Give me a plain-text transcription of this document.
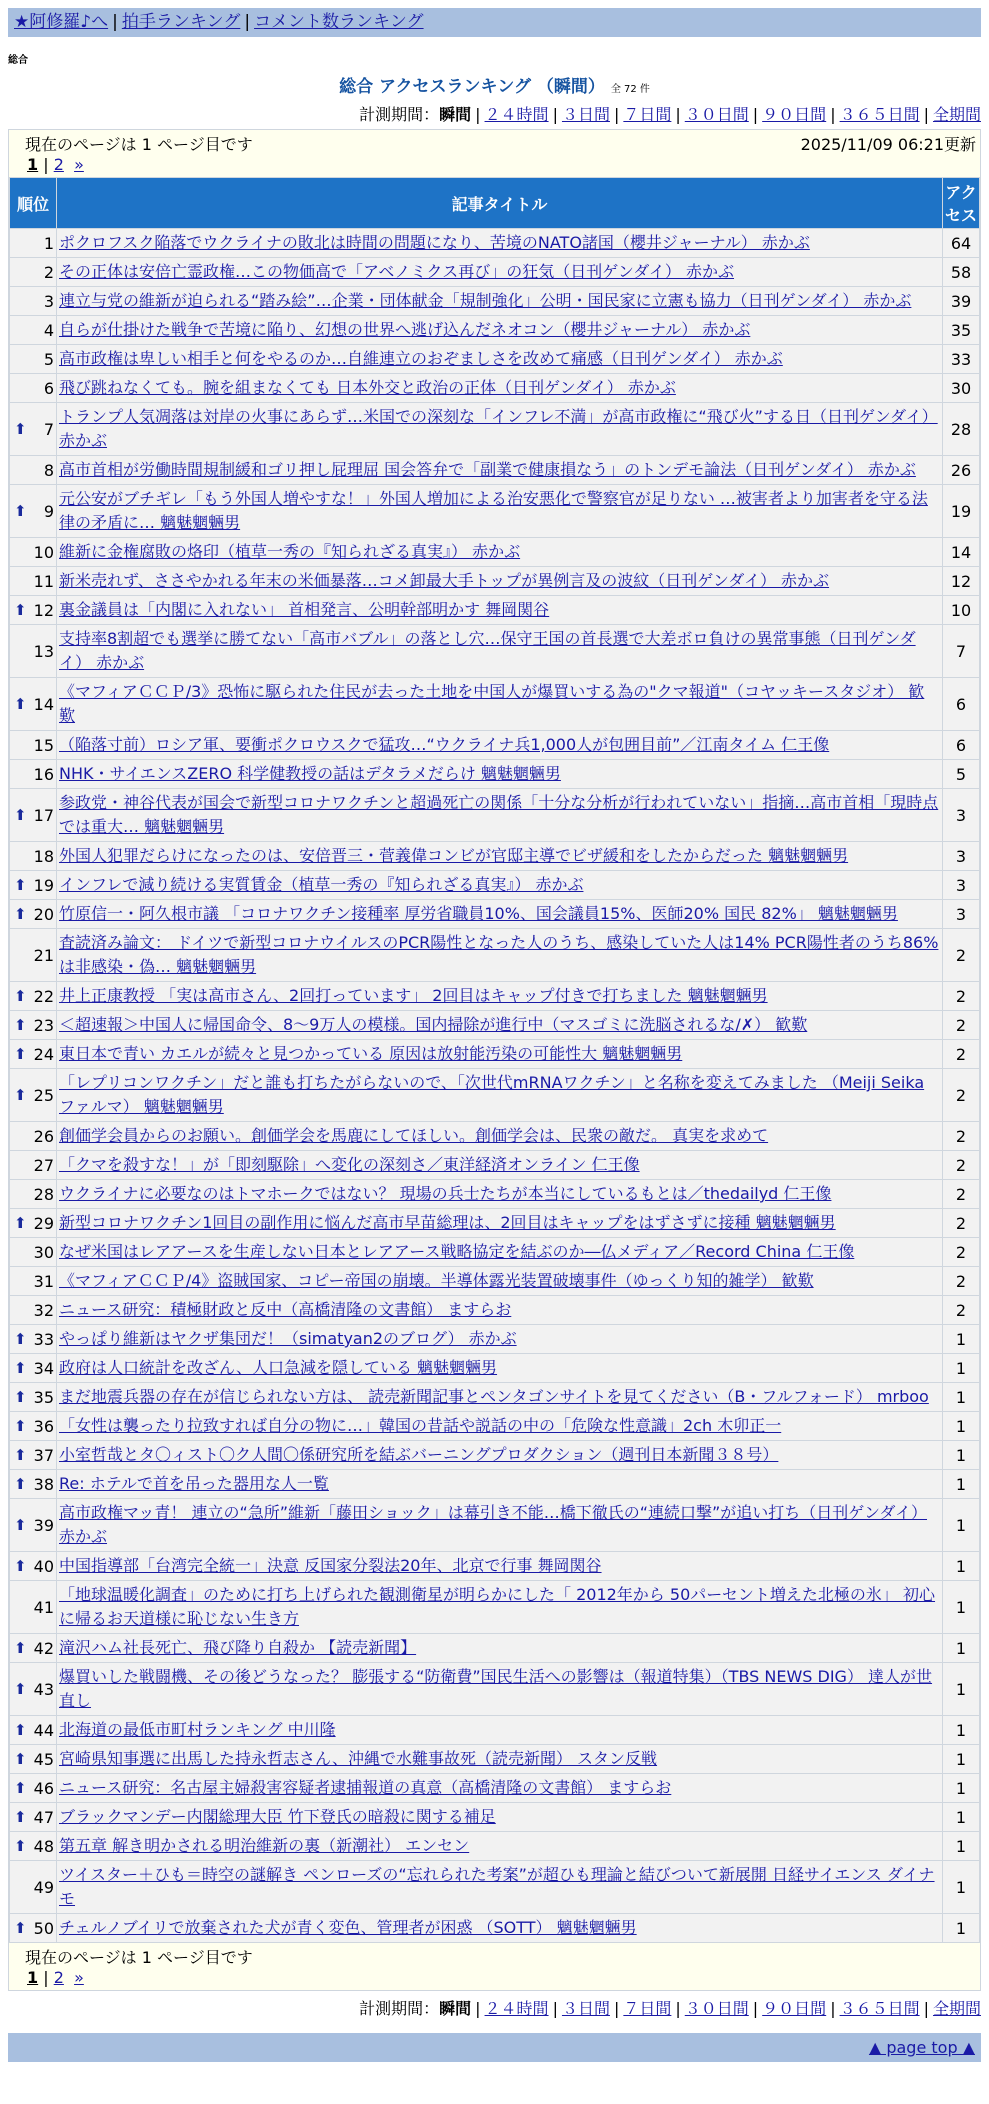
★阿修羅♪へ | 拍手ランキング | コメント数ランキング
総合
総合 アクセスランキング （瞬間） 全 72 件
計測期間：瞬間 | ２４時間 | ３日間 | ７日間 | ３０日間 | ９０日間 | ３６５日間 | 全期間
現在のページは 1 ページ目です	2025/11/09 06:21更新
1 | 2 »
順位	記事タイトル	アクセス
1	ポクロフスク陥落でウクライナの敗北は時間の問題になり、苦境のNATO諸国（櫻井ジャーナル） 赤かぶ	64
2	その正体は安倍亡霊政権…この物価高で「アベノミクス再び」の狂気（日刊ゲンダイ） 赤かぶ	58
3	連立与党の維新が迫られる“踏み絵”…企業・団体献金「規制強化」公明・国民家に立憲も協力（日刊ゲンダイ） 赤かぶ	39
4	自らが仕掛けた戦争で苦境に陥り、幻想の世界へ逃げ込んだネオコン（櫻井ジャーナル） 赤かぶ	35
5	高市政権は卑しい相手と何をやるのか…自維連立のおぞましさを改めて痛感（日刊ゲンダイ） 赤かぶ	33
6	飛び跳ねなくても。腕を組まなくても 日本外交と政治の正体（日刊ゲンダイ） 赤かぶ	30

⬆ 7	トランプ人気凋落は対岸の火事にあらず…米国での深刻な「インフレ不満」が高市政権に“飛び火”する日（日刊ゲンダイ） 赤かぶ	28
8	高市首相が労働時間規制緩和ゴリ押し屁理屈 国会答弁で「副業で健康損なう」のトンデモ論法（日刊ゲンダイ） 赤かぶ	26

⬆ 9	元公安がブチギレ「もう外国人増やすな！」外国人増加による治安悪化で警察官が足りない …被害者より加害者を守る法律の矛盾に… 魑魅魍魎男	19
10	維新に金権腐敗の烙印（植草一秀の『知られざる真実』） 赤かぶ	14
11	新米売れず、ささやかれる年末の米価暴落…コメ卸最大手トップが異例言及の波紋（日刊ゲンダイ） 赤かぶ	12

⬆ 12	裏金議員は「内閣に入れない」 首相発言、公明幹部明かす 舞岡関谷	10
13	支持率8割超でも選挙に勝てない「高市バブル」の落とし穴…保守王国の首長選で大差ボロ負けの異常事態（日刊ゲンダイ） 赤かぶ	7

⬆ 14	《マフィアＣＣＰ/3》恐怖に駆られた住民が去った土地を中国人が爆買いする為の"クマ報道"（コヤッキースタジオ） 歓歎	6
15	（陥落寸前）ロシア軍、要衝ポクロウスクで猛攻…“ウクライナ兵1,000人が包囲目前”／江南タイム 仁王像	6
16	NHK・サイエンスZERO 科学健教授の話はデタラメだらけ 魑魅魍魎男	5

⬆ 17	参政党・神谷代表が国会で新型コロナワクチンと超過死亡の関係「十分な分析が行われていない」指摘…高市首相「現時点では重大… 魑魅魍魎男	3
18	外国人犯罪だらけになったのは、安倍晋三・菅義偉コンビが官邸主導でビザ緩和をしたからだった 魑魅魍魎男	3

⬆ 19	インフレで減り続ける実質賃金（植草一秀の『知られざる真実』） 赤かぶ	3

⬆ 20	竹原信一・阿久根市議 「コロナワクチン接種率 厚労省職員10%、国会議員15%、医師20% 国民 82%」 魑魅魍魎男	3
21	査読済み論文： ドイツで新型コロナウイルスのPCR陽性となった人のうち、感染していた人は14% PCR陽性者のうち86%は非感染・偽… 魑魅魍魎男	2

⬆ 22	井上正康教授 「実は高市さん、2回打っています」 2回目はキャップ付きで打ちました 魑魅魍魎男	2

⬆ 23	＜超速報＞中国人に帰国命令、8～9万人の模様。国内掃除が進行中（マスゴミに洗脳されるな/✗） 歓歎	2

⬆ 24	東日本で青い カエルが続々と見つかっている 原因は放射能汚染の可能性大 魑魅魍魎男	2

⬆ 25	「レプリコンワクチン」だと誰も打ちたがらないので、「次世代mRNAワクチン」と名称を変えてみました （Meiji Seika ファルマ） 魑魅魍魎男	2
26	創価学会員からのお願い。創価学会を馬鹿にしてほしい。創価学会は、民衆の敵だ。 真実を求めて	2
27	「クマを殺すな！」が「即刻駆除」へ変化の深刻さ／東洋経済オンライン 仁王像	2
28	ウクライナに必要なのはトマホークではない？ 現場の兵士たちが本当にしているもとは／thedailyd 仁王像	2

⬆ 29	新型コロナワクチン1回目の副作用に悩んだ高市早苗総理は、2回目はキャップをはずさずに接種 魑魅魍魎男	2
30	なぜ米国はレアアースを生産しない日本とレアアース戦略協定を結ぶのか―仏メディア／Record China 仁王像	2
31	《マフィアＣＣＰ/4》盗賊国家、コピー帝国の崩壊。半導体露光装置破壊事件（ゆっくり知的雑学） 歓歎	2
32	ニュース研究：積極財政と反中（高橋清隆の文書館） ますらお	2

⬆ 33	やっぱり維新はヤクザ集団だ！（simatyan2のブログ） 赤かぶ	1

⬆ 34	政府は人口統計を改ざん、人口急減を隠している 魑魅魍魎男	1

⬆ 35	まだ地震兵器の存在が信じられない方は、 読売新聞記事とペンタゴンサイトを見てください（B・フルフォード） mrboo	1

⬆ 36	「女性は襲ったり拉致すれば自分の物に…」韓国の昔話や説話の中の「危険な性意識」2ch 木卯正一	1

⬆ 37	小室哲哉とタ〇ィスト〇ク人間〇係研究所を結ぶバーニングプロダクション（週刊日本新聞３８号）	1

⬆ 38	Re: ホテルで首を吊った器用な人一覧	1

⬆ 39	高市政権マッ青！ 連立の“急所”維新「藤田ショック」は幕引き不能…橋下徹氏の“連続口撃”が追い打ち（日刊ゲンダイ） 赤かぶ	1

⬆ 40	中国指導部「台湾完全統一」決意 反国家分裂法20年、北京で行事 舞岡関谷	1
41	「地球温暖化調査」のために打ち上げられた観測衛星が明らかにした「 2012年から 50パーセント増えた北極の氷」 初心に帰るお天道様に恥じない生き方	1

⬆ 42	滝沢ハム社長死亡、飛び降り自殺か 【読売新聞】	1

⬆ 43	爆買いした戦闘機、その後どうなった？ 膨張する“防衛費”国民生活への影響は（報道特集）（TBS NEWS DIG） 達人が世直し	1

⬆ 44	北海道の最低市町村ランキング 中川隆	1

⬆ 45	宮崎県知事選に出馬した持永哲志さん、沖縄で水難事故死（読売新聞） スタン反戦	1

⬆ 46	ニュース研究：名古屋主婦殺害容疑者逮捕報道の真意（高橋清隆の文書館） ますらお	1

⬆ 47	ブラックマンデー内閣総理大臣 竹下登氏の暗殺に関する補足	1

⬆ 48	第五章 解き明かされる明治維新の裏（新潮社） エンセン	1
49	ツイスター＋ひも＝時空の謎解き ペンローズの“忘れられた考案”が超ひも理論と結びついて新展開 日経サイエンス ダイナモ	1

⬆ 50	チェルノブイリで放棄された犬が青く変色、管理者が困惑 （SOTT） 魑魅魍魎男	1
現在のページは 1 ページ目です
1 | 2 »
計測期間：瞬間 | ２４時間 | ３日間 | ７日間 | ３０日間 | ９０日間 | ３６５日間 | 全期間
▲ page top ▲
